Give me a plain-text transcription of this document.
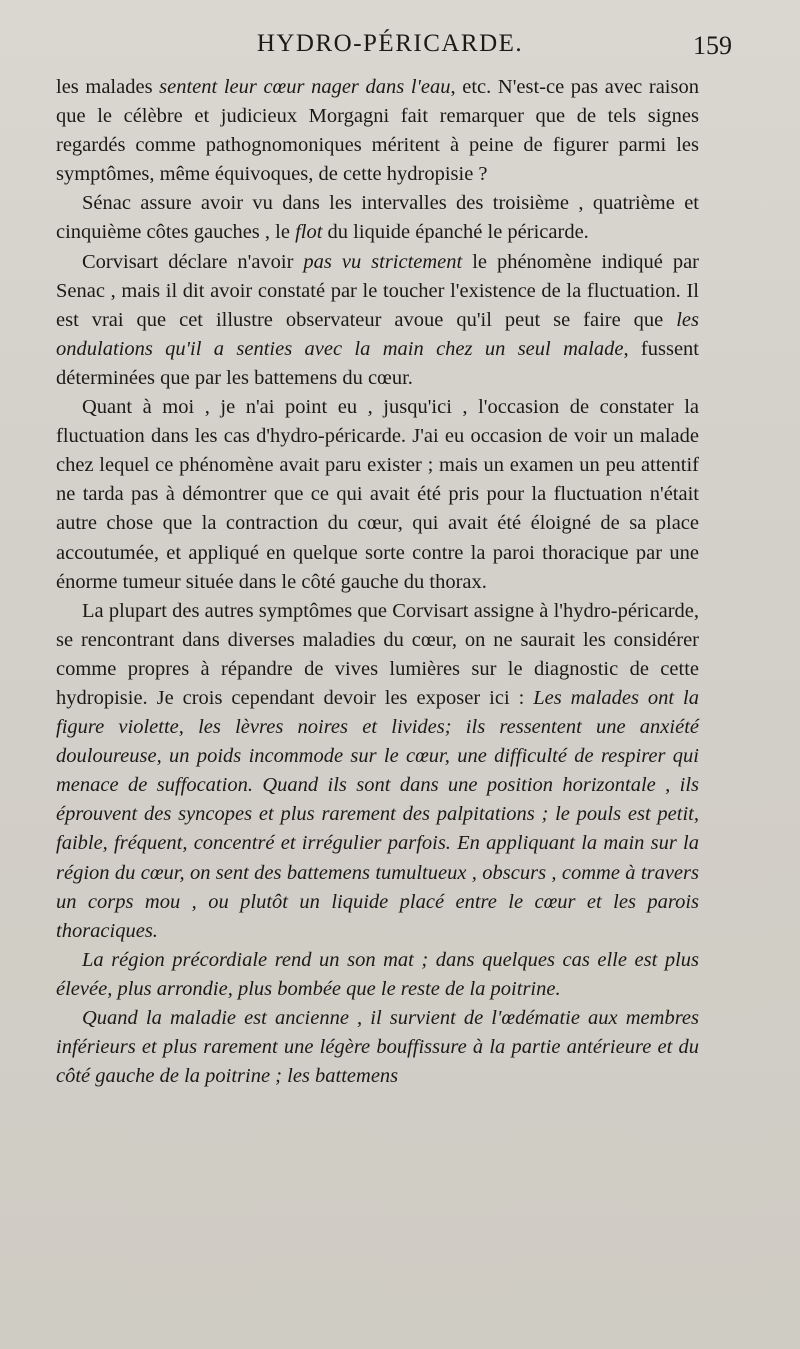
HYDRO-PÉRICARDE.	159

les malades sentent leur cœur nager dans l'eau, etc. N'est-ce pas avec raison que le célèbre et judicieux Morgagni fait remarquer que de tels signes regardés comme pathognomoniques méritent à peine de figurer parmi les symptômes, même équivoques, de cette hydropisie ?

Sénac assure avoir vu dans les intervalles des troisième , quatrième et cinquième côtes gauches , le flot du liquide épanché le péricarde.

Corvisart déclare n'avoir pas vu strictement le phénomène indiqué par Senac , mais il dit avoir constaté par le toucher l'existence de la fluctuation. Il est vrai que cet illustre observateur avoue qu'il peut se faire que les ondulations qu'il a senties avec la main chez un seul malade, fussent déterminées que par les battemens du cœur.

Quant à moi , je n'ai point eu , jusqu'ici , l'occasion de constater la fluctuation dans les cas d'hydro-péricarde. J'ai eu occasion de voir un malade chez lequel ce phénomène avait paru exister ; mais un examen un peu attentif ne tarda pas à démontrer que ce qui avait été pris pour la fluctuation n'était autre chose que la contraction du cœur, qui avait été éloigné de sa place accoutumée, et appliqué en quelque sorte contre la paroi thoracique par une énorme tumeur située dans le côté gauche du thorax.

La plupart des autres symptômes que Corvisart assigne à l'hydro-péricarde, se rencontrant dans diverses maladies du cœur, on ne saurait les considérer comme propres à répandre de vives lumières sur le diagnostic de cette hydropisie. Je crois cependant devoir les exposer ici : Les malades ont la figure violette, les lèvres noires et livides; ils ressentent une anxiété douloureuse, un poids incommode sur le cœur, une difficulté de respirer qui menace de suffocation. Quand ils sont dans une position horizontale , ils éprouvent des syncopes et plus rarement des palpitations ; le pouls est petit, faible, fréquent, concentré et irrégulier parfois. En appliquant la main sur la région du cœur, on sent des battemens tumultueux , obscurs , comme à travers un corps mou , ou plutôt un liquide placé entre le cœur et les parois thoraciques.

La région précordiale rend un son mat ; dans quelques cas elle est plus élevée, plus arrondie, plus bombée que le reste de la poitrine.

Quand la maladie est ancienne , il survient de l'œdématie aux membres inférieurs et plus rarement une légère bouffissure à la partie antérieure et du côté gauche de la poitrine ; les battemens
